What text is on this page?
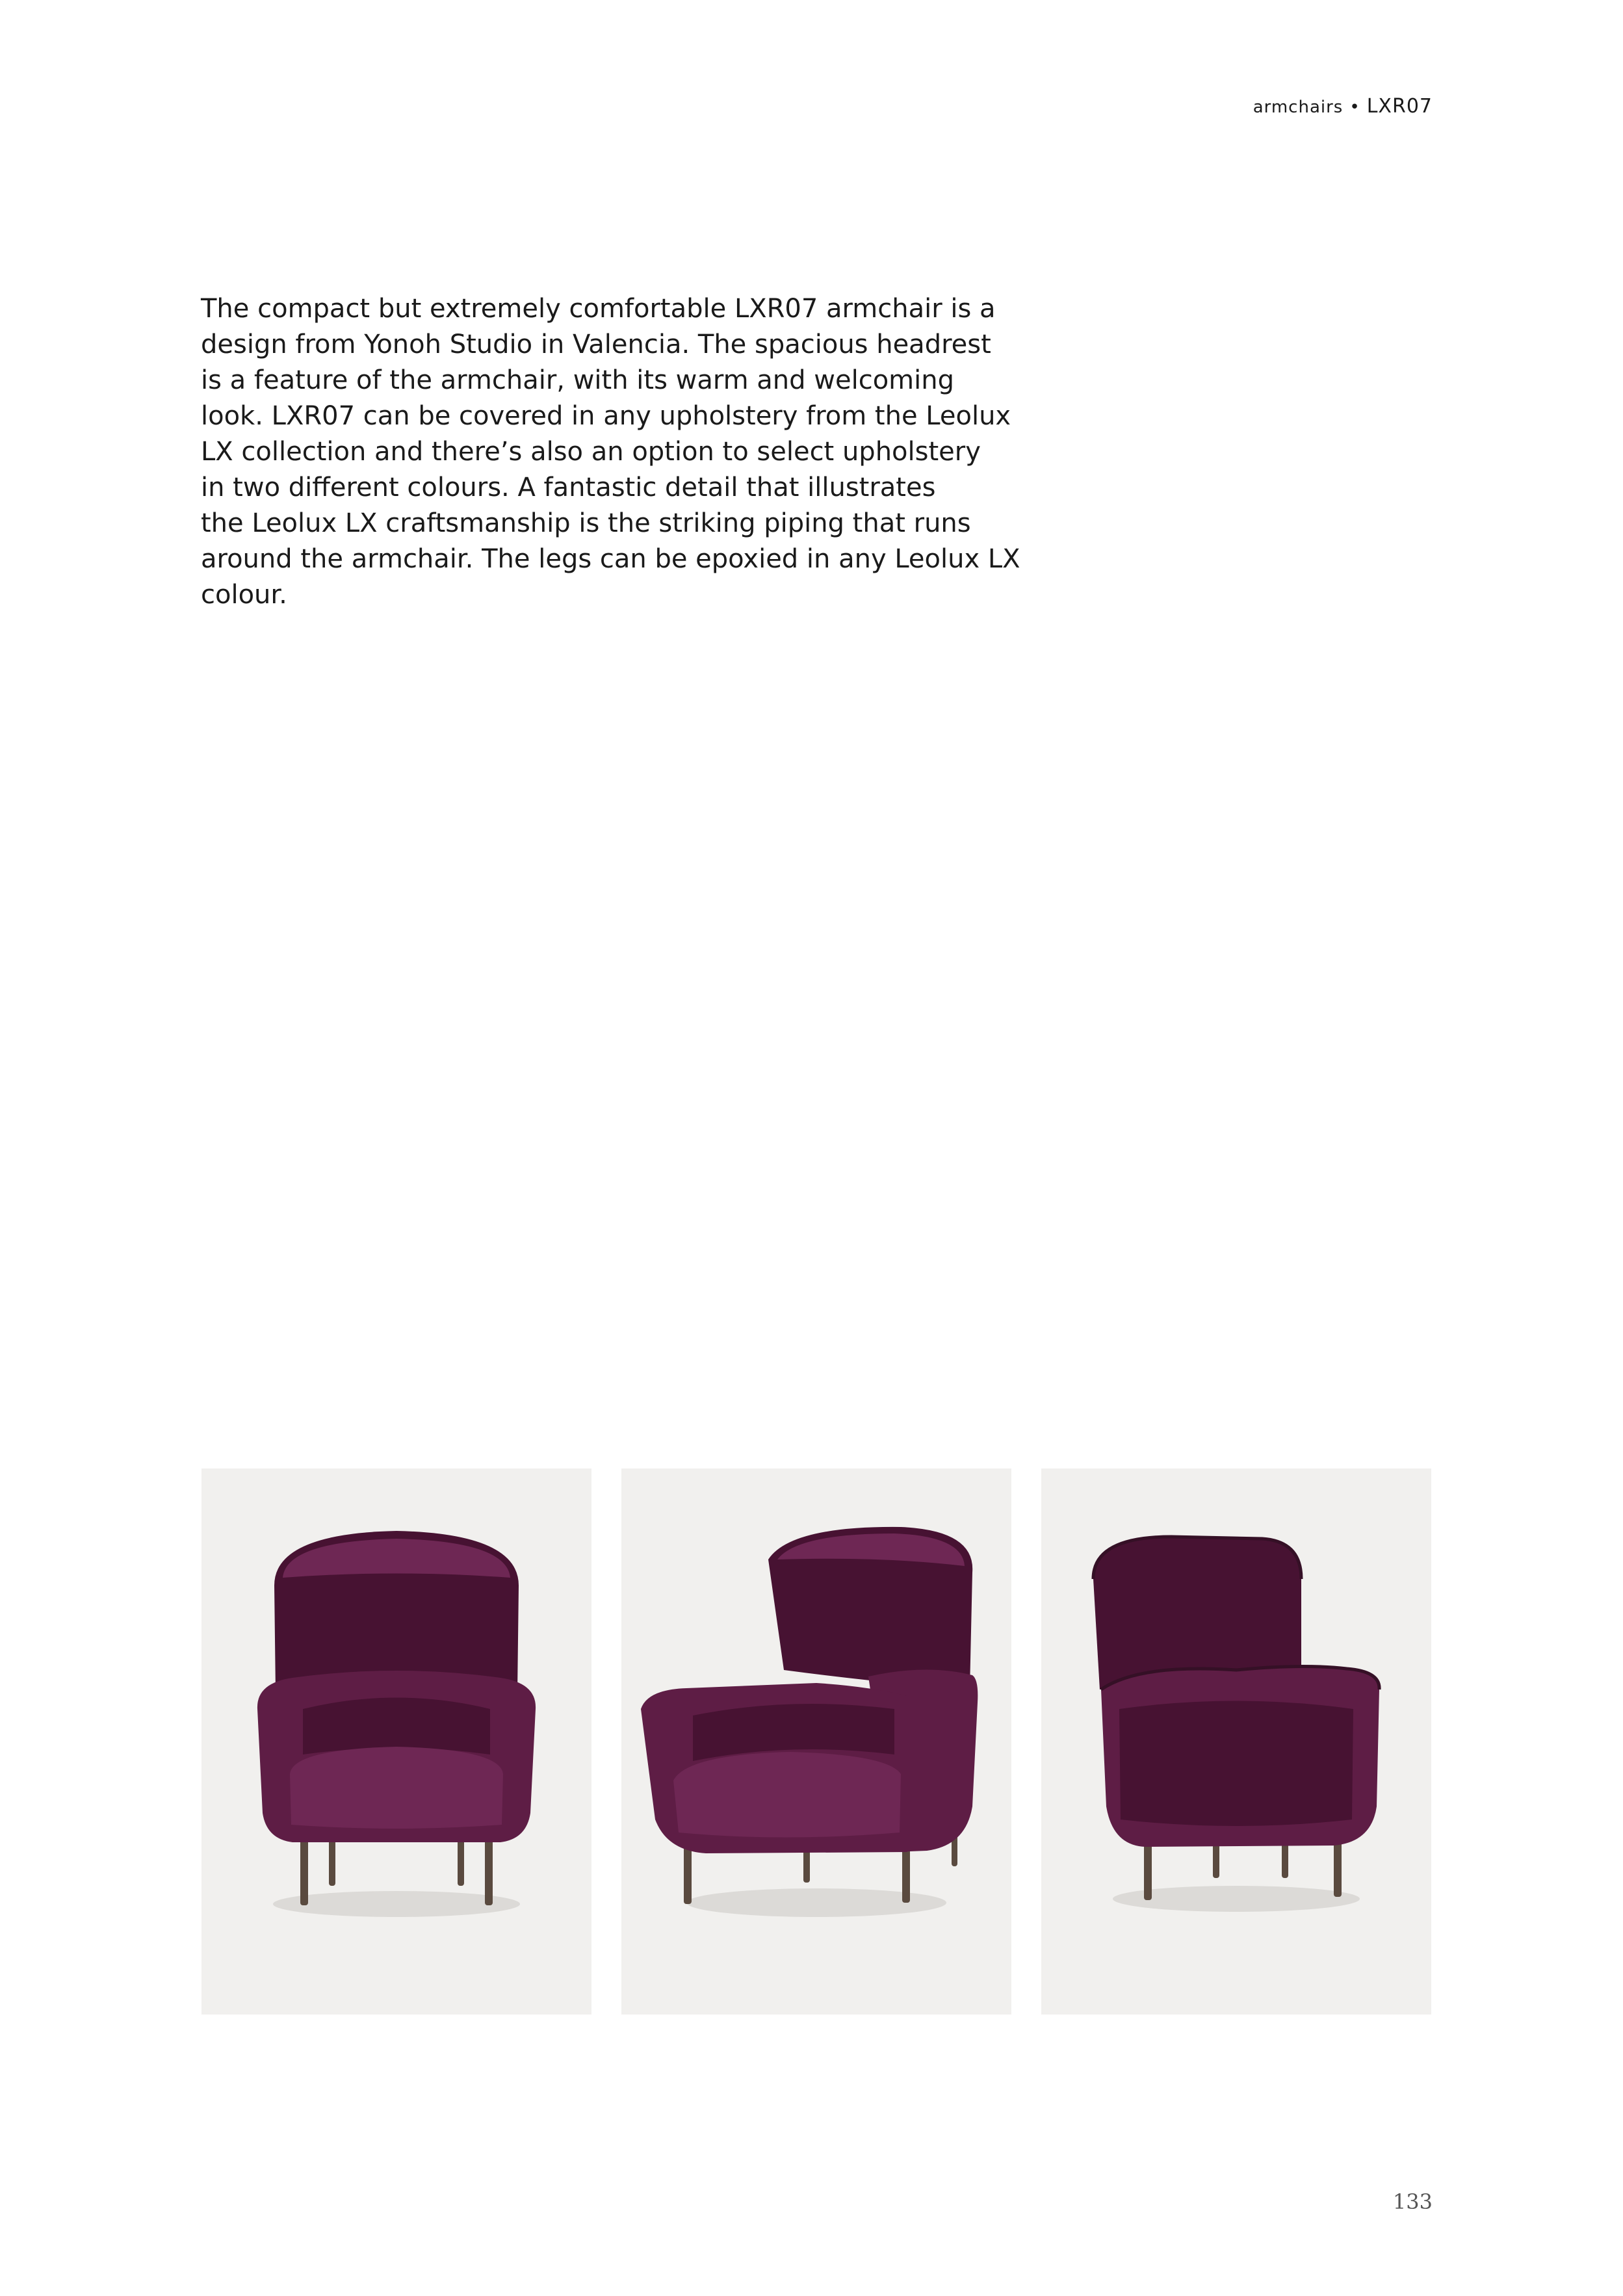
armchairs • LXR07

The compact but extremely comfortable LXR07 armchair is a
design from Yonoh Studio in Valencia. The spacious headrest
is a feature of the armchair, with its warm and welcoming
look. LXR07 can be covered in any upholstery from the Leolux
LX collection and there’s also an option to select upholstery
in two different colours. A fantastic detail that illustrates
the Leolux LX craftsmanship is the striking piping that runs
around the armchair. The legs can be epoxied in any Leolux LX
colour.

133
